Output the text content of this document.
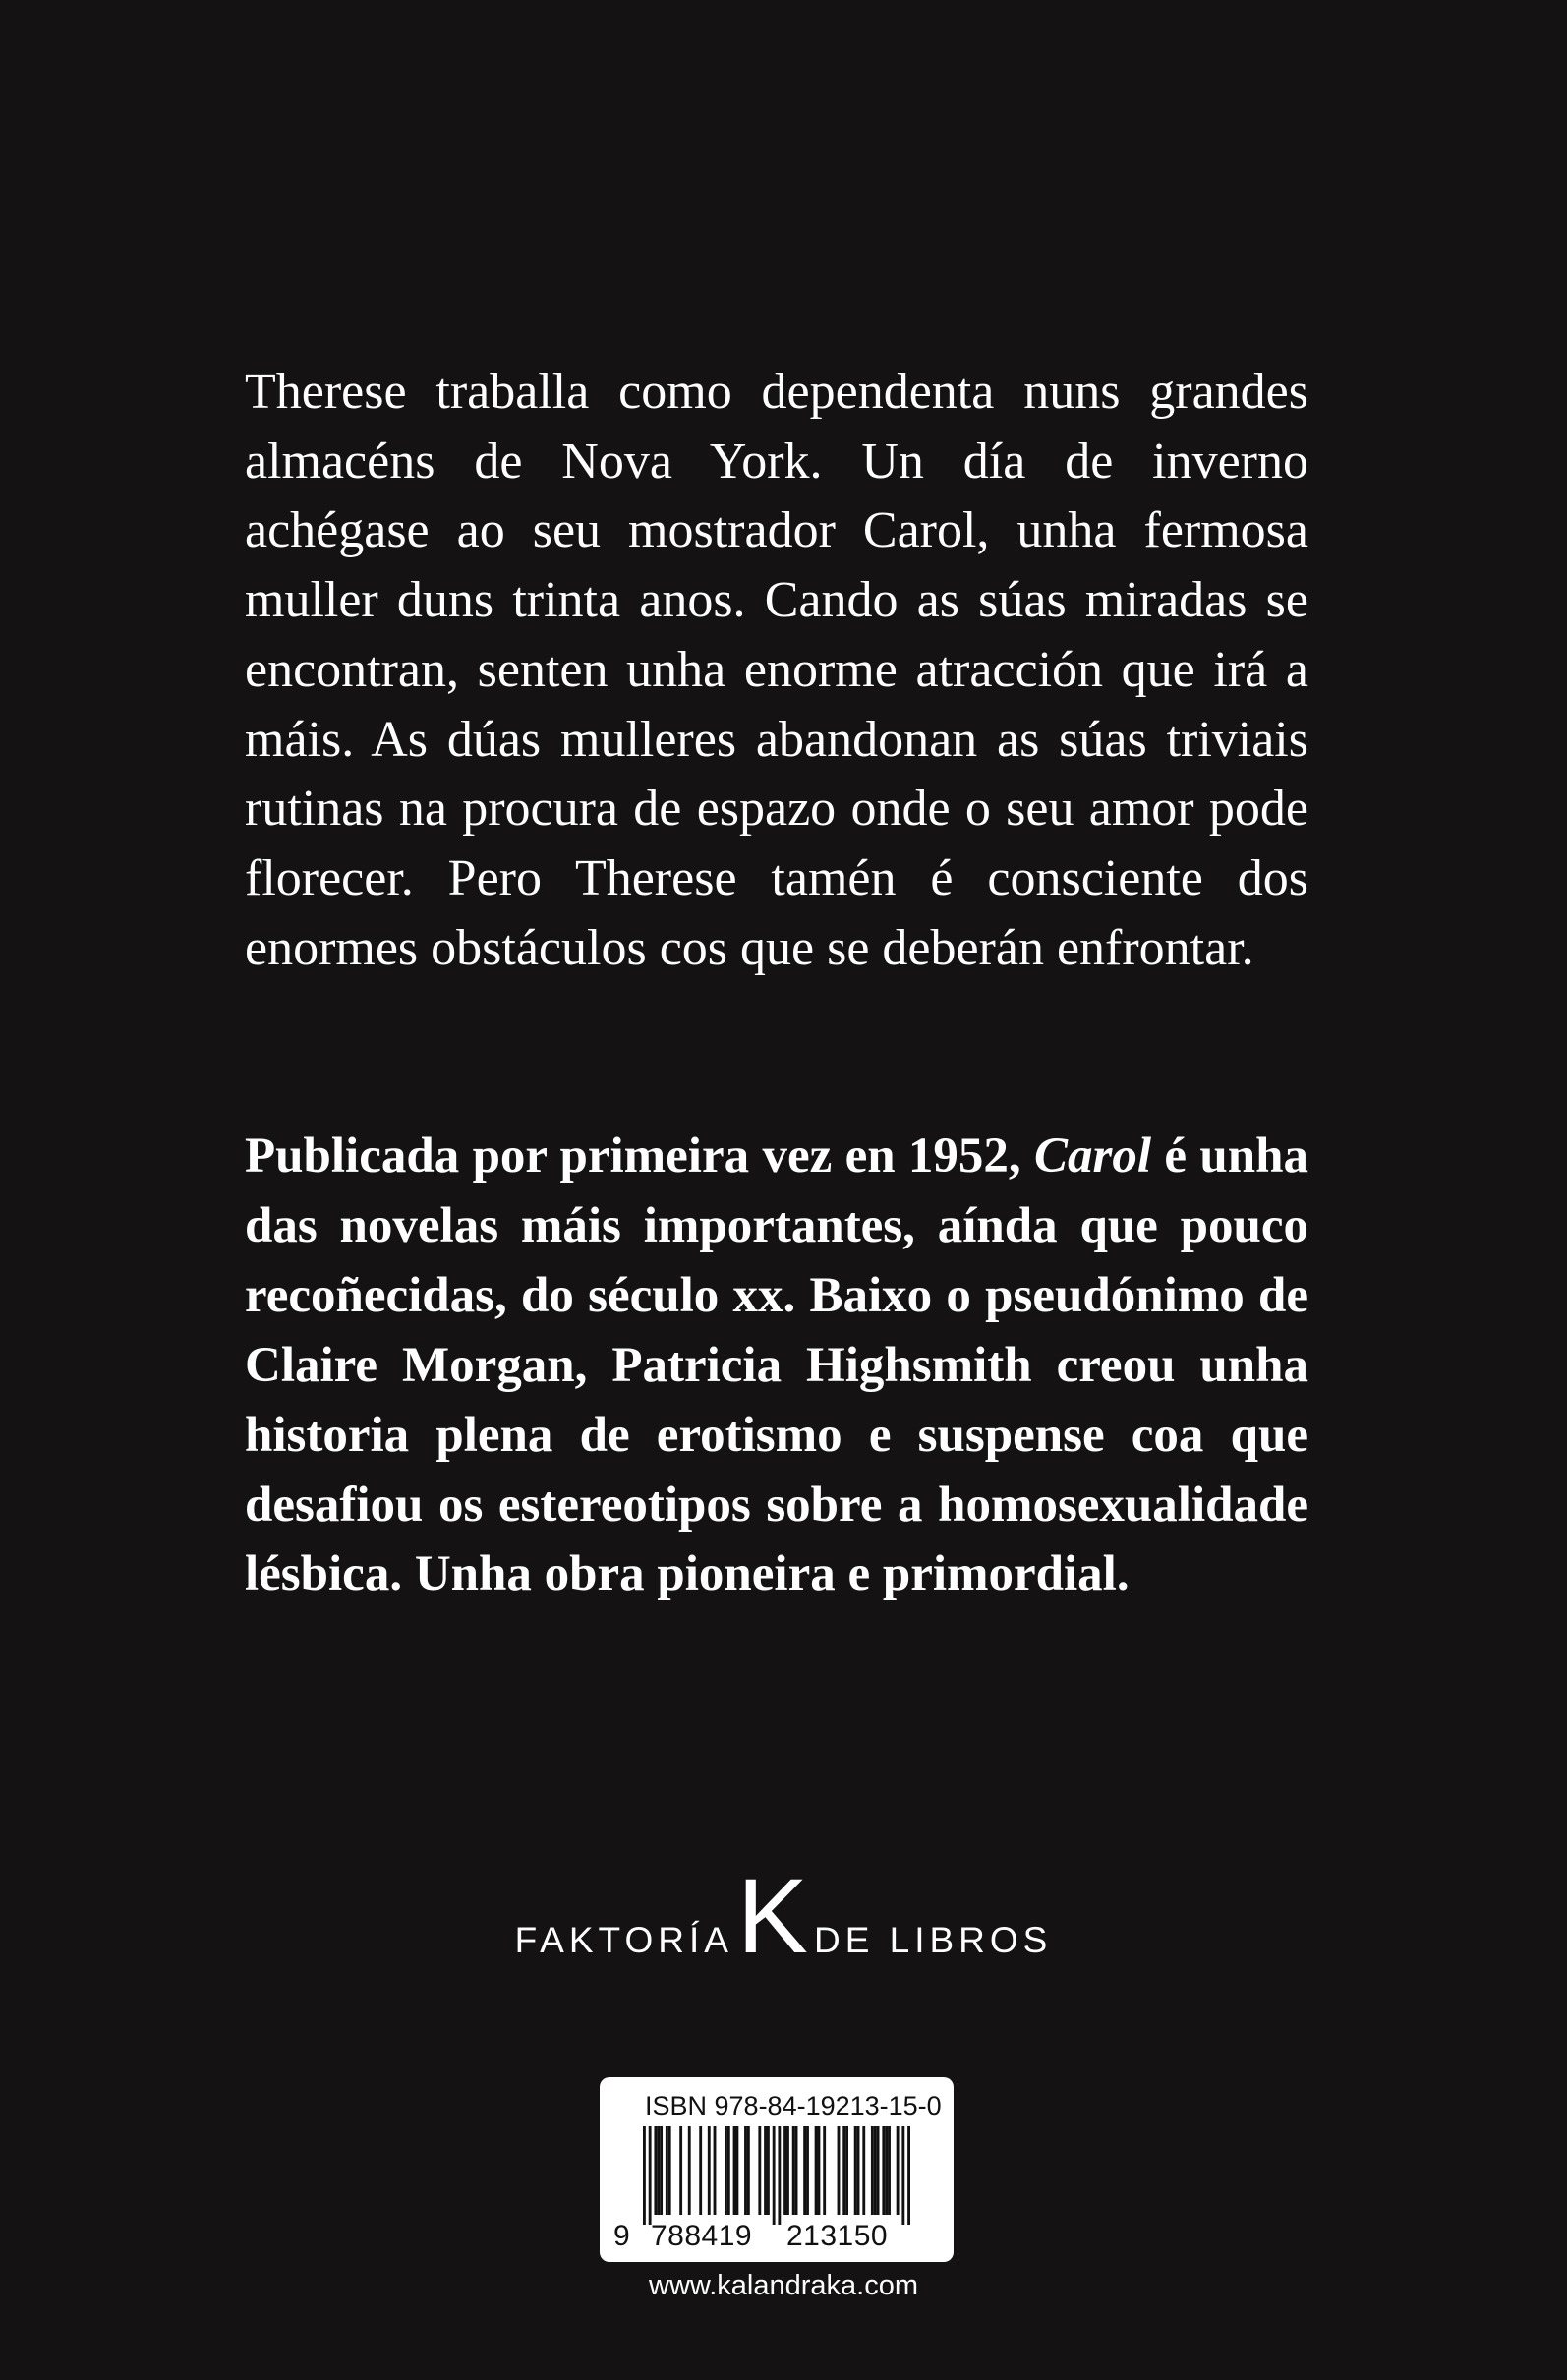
Therese traballa como dependenta nuns grandes almacéns de Nova York. Un día de inverno achégase ao seu mostrador Carol, unha fermosa muller duns trinta anos. Cando as súas miradas se encontran, senten unha enorme atracción que irá a máis. As dúas mulleres abandonan as súas triviais rutinas na procura de espazo onde o seu amor pode florecer. Pero Therese tamén é consciente dos enormes obstáculos cos que se deberán enfrontar.

Publicada por primeira vez en 1952, Carol é unha das novelas máis importantes, aínda que pouco recoñecidas, do século xx. Baixo o pseudónimo de Claire Morgan, Patricia Highsmith creou unha historia plena de erotismo e suspense coa que desafiou os estereotipos sobre a homosexualidade lésbica. Unha obra pioneira e primordial.

FAKTORÍAK DE LIBROS
ISBN 978-84-19213-15-0
9 788419	213150
www.kalandraka.com
